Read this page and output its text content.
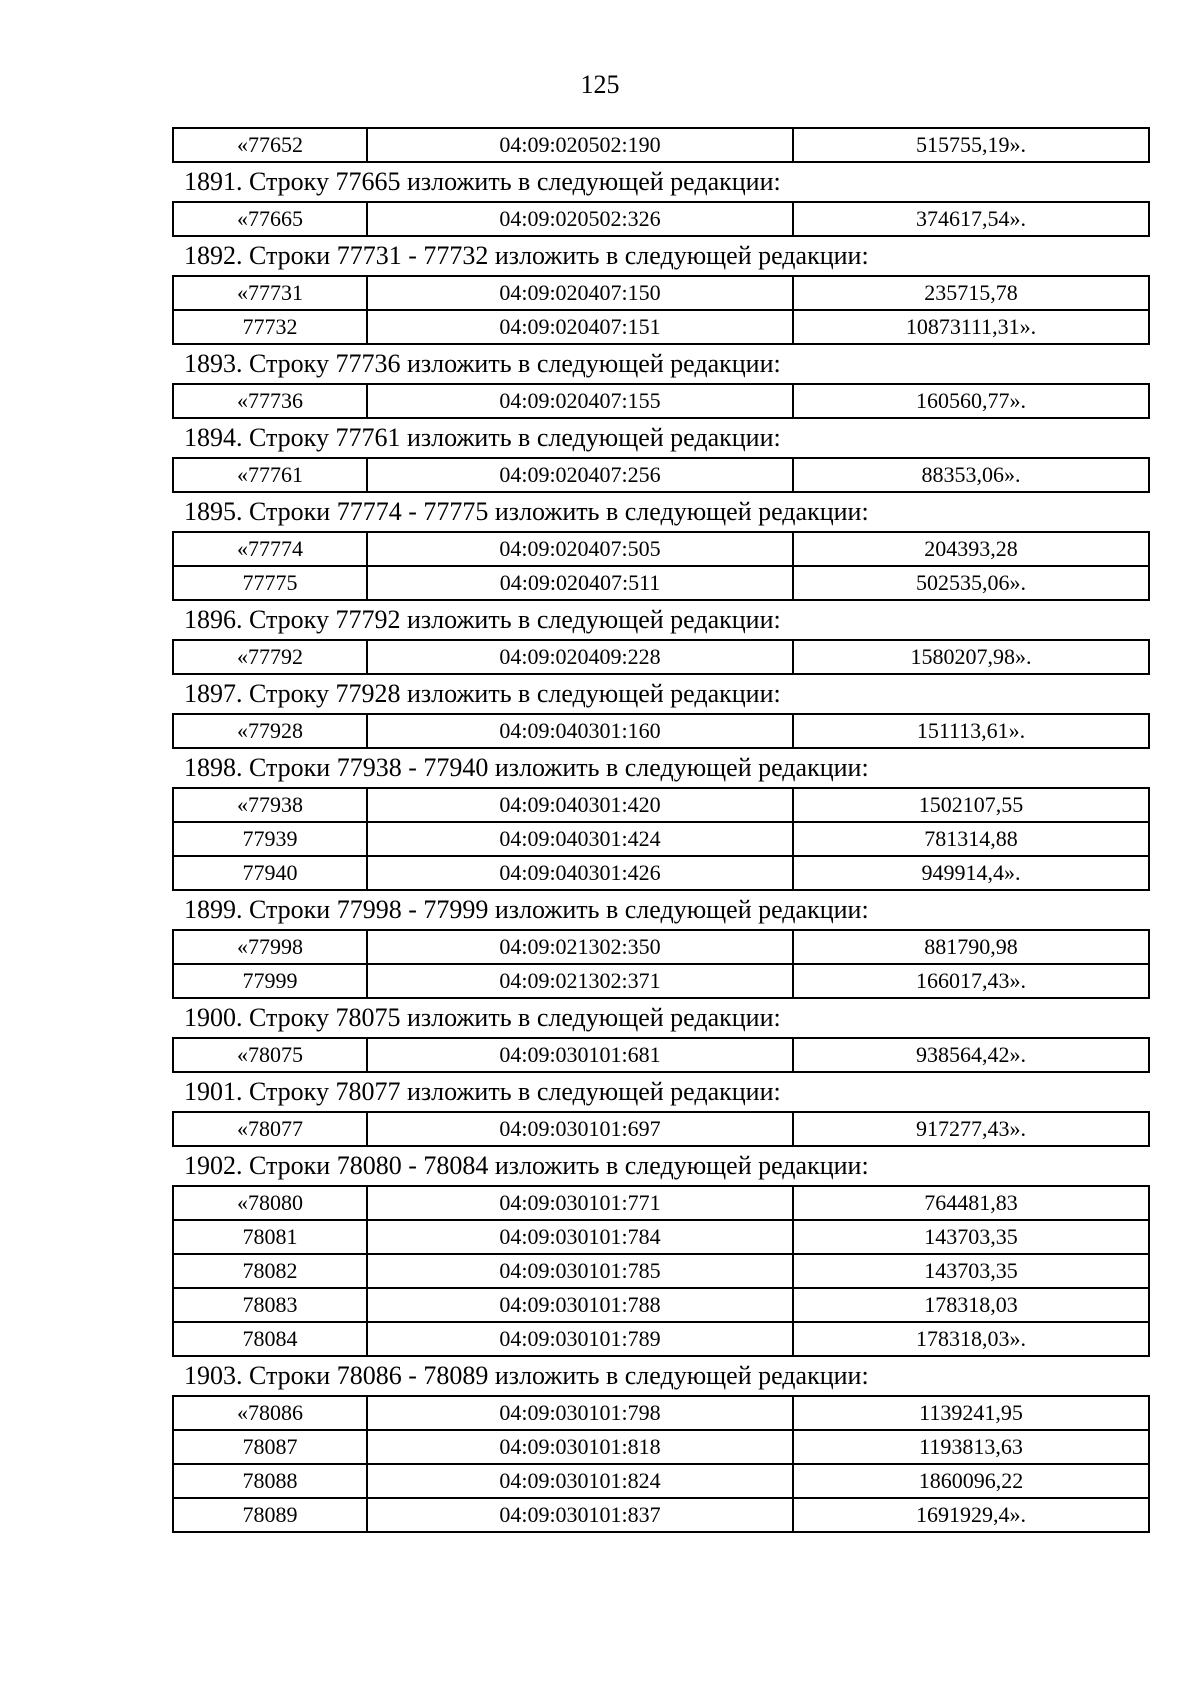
125
«77652	04:09:020502:190	515755,19».
1891. Строку 77665 изложить в следующей редакции:
«77665	04:09:020502:326	374617,54».
1892. Строки 77731 - 77732 изложить в следующей редакции:
«77731	04:09:020407:150	235715,78
77732	04:09:020407:151	10873111,31».
1893. Строку 77736 изложить в следующей редакции:
«77736	04:09:020407:155	160560,77».
1894. Строку 77761 изложить в следующей редакции:
«77761	04:09:020407:256	88353,06».
1895. Строки 77774 - 77775 изложить в следующей редакции:
«77774	04:09:020407:505	204393,28
77775	04:09:020407:511	502535,06».
1896. Строку 77792 изложить в следующей редакции:
«77792	04:09:020409:228	1580207,98».
1897. Строку 77928 изложить в следующей редакции:
«77928	04:09:040301:160	151113,61».
1898. Строки 77938 - 77940 изложить в следующей редакции:
«77938	04:09:040301:420	1502107,55
77939	04:09:040301:424	781314,88
77940	04:09:040301:426	949914,4».
1899. Строки 77998 - 77999 изложить в следующей редакции:
«77998	04:09:021302:350	881790,98
77999	04:09:021302:371	166017,43».
1900. Строку 78075 изложить в следующей редакции:
«78075	04:09:030101:681	938564,42».
1901. Строку 78077 изложить в следующей редакции:
«78077	04:09:030101:697	917277,43».
1902. Строки 78080 - 78084 изложить в следующей редакции:
«78080	04:09:030101:771	764481,83
78081	04:09:030101:784	143703,35
78082	04:09:030101:785	143703,35
78083	04:09:030101:788	178318,03
78084	04:09:030101:789	178318,03».
1903. Строки 78086 - 78089 изложить в следующей редакции:
«78086	04:09:030101:798	1139241,95
78087	04:09:030101:818	1193813,63
78088	04:09:030101:824	1860096,22
78089	04:09:030101:837	1691929,4».
